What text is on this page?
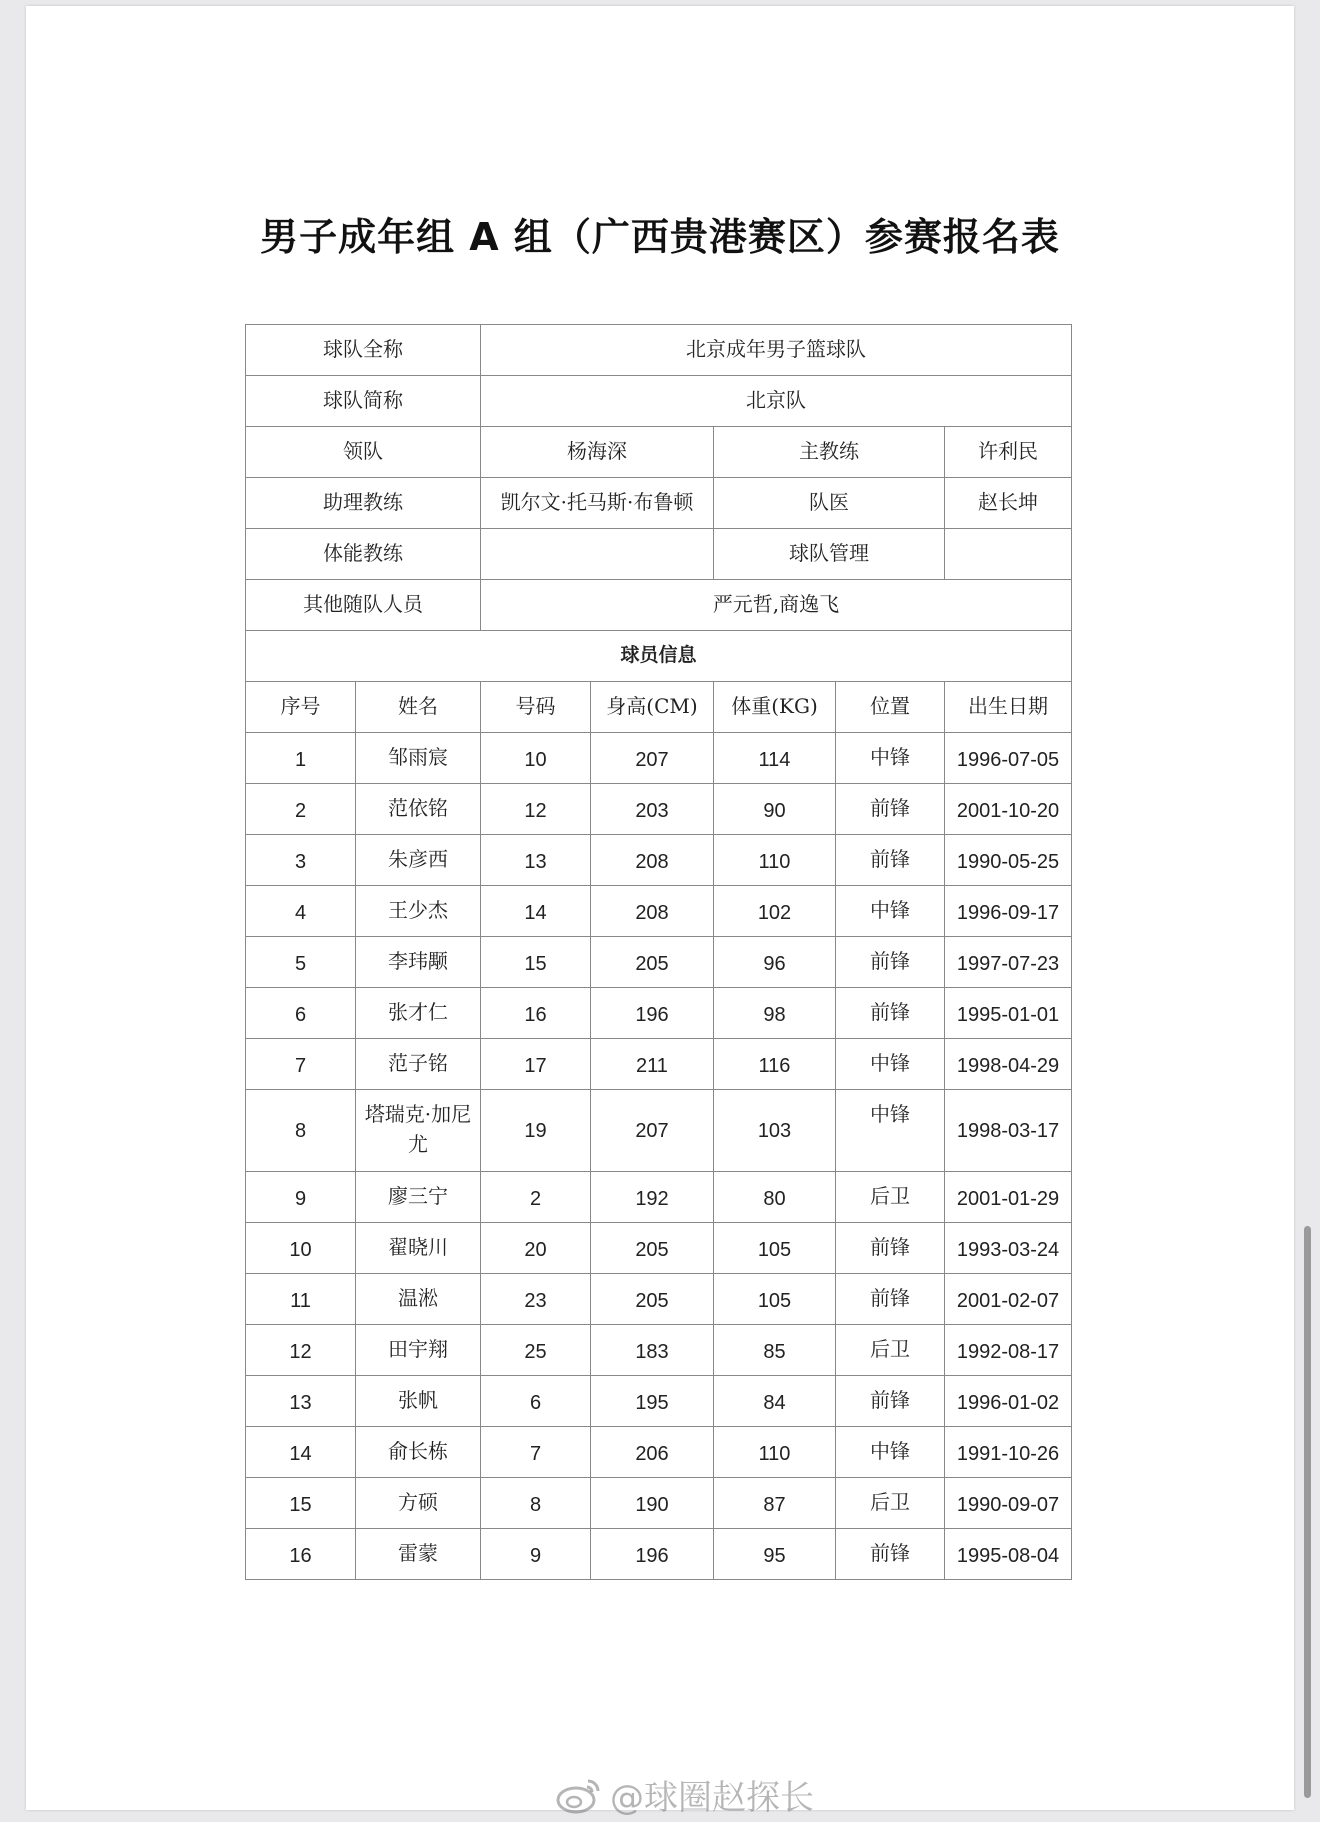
男子成年组 A 组（广西贵港赛区）参赛报名表
球队全称		北京成年男子篮球队				
球队简称		北京队				
领队		杨海深		主教练		许利民
助理教练		凯尔文·托马斯·布鲁顿		队医		赵长坤
体能教练				球队管理		
其他随队人员		严元哲,商逸飞				
球员信息						
序号	姓名	号码	身高(CM)	体重(KG)	位置	出生日期
1	邹雨宸	10	207	114	中锋	1996-07-05
2	范依铭	12	203	90	前锋	2001-10-20
3	朱彦西	13	208	110	前锋	1990-05-25
4	王少杰	14	208	102	中锋	1996-09-17
5	李玮颙	15	205	96	前锋	1997-07-23
6	张才仁	16	196	98	前锋	1995-01-01
7	范子铭	17	211	116	中锋	1998-04-29
8	塔瑞克·加尼尤	19	207	103	中锋	1998-03-17
9	廖三宁	2	192	80	后卫	2001-01-29
10	翟晓川	20	205	105	前锋	1993-03-24
11	温淞	23	205	105	前锋	2001-02-07
12	田宇翔	25	183	85	后卫	1992-08-17
13	张帆	6	195	84	前锋	1996-01-02
14	俞长栋	7	206	110	中锋	1991-10-26
15	方硕	8	190	87	后卫	1990-09-07
16	雷蒙	9	196	95	前锋	1995-08-04
@球圈赵探长
